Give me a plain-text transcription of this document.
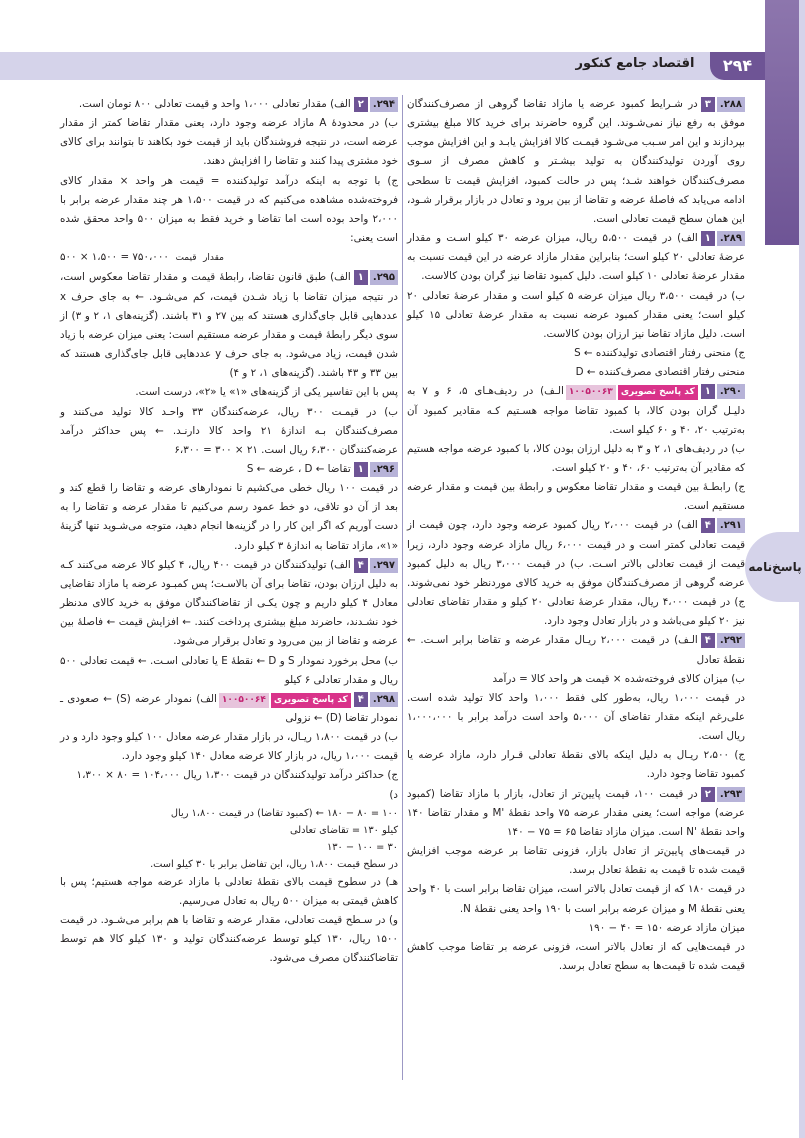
۲۹۴
اقتصاد جامع کنکور
پاسخ‌نامه

۲۸۸.۳در شـرایط کمبود عرضه یا مازاد تقاضا گروهی از مصرف‌کنندگان موفق به رفع نیاز نمی‌شـوند. این گروه حاضرند برای خرید کالا مبلغ بیشتری بپردازند و این امر سـبب می‌شـود قیمـت کالا افزایش یابـد و این افزایش موجب روی آوردن تولیدکنندگان به تولید بیشـتر و کاهش مصرف از سـوی مصرف‌کنندگان خواهند شـد؛ پس در حالت کمبود، افزایش قیمت تا سطحی ادامه می‌یابد که فاصلهٔ عرضه و تقاضا از بین برود و تعادل در بازار برقرار شـود، این همان سطح قیمت تعادلی است.

۲۸۹.۱الف) در قیمت ۵،۵۰۰ ریال، میزان عرضه ۳۰ کیلو اسـت و مقدار عرضهٔ تعادلی ۲۰ کیلو است؛ بنابراین مقدار مازاد عرضه در این قیمت نسبت به مقدار عرضهٔ تعادلی ۱۰ کیلو است. دلیل کمبود تقاضا نیز گران بودن کالاست.

ب) در قیمت ۳،۵۰۰ ریال میزان عرضه ۵ کیلو است و مقدار عرضهٔ تعادلی ۲۰ کیلو است؛ یعنی مقدار کمبود عرضه نسبت به مقدار عرضهٔ تعادلی ۱۵ کیلو است. دلیل مازاد تقاضا نیز ارزان بودن کالاست.

ج) منحنی رفتار اقتصادی تولیدکننده ← S

منحنی رفتار اقتصادی مصرف‌کننده ← D

۲۹۰.۱کد پاسخ تصویری۱۰۰۵۰۰۶۳الـف) در ردیف‌هـای ۵، ۶ و ۷ به دلیـل گران بودن کالا، با کمبود تقاضا مواجه هسـتیم کـه مقادیر کمبود آن به‌ترتیب ۲۰، ۴۰ و ۶۰ کیلو است.

ب) در ردیف‌های ۱، ۲ و ۳ به دلیل ارزان بودن کالا، با کمبود عرضه مواجه هستیم که مقادیر آن به‌ترتیب ۶۰، ۴۰ و ۲۰ کیلو است.

ج) رابطـهٔ بین قیمت و مقدار تقاضا معکوس و رابطهٔ بین قیمت و مقدار عرضه مستقیم است.

۲۹۱.۴الف) در قیمت ۲،۰۰۰ ریال کمبود عرضه وجود دارد، چون قیمت از قیمت تعادلی کمتر است و در قیمت ۶،۰۰۰ ریال مازاد عرضه وجود دارد، زیرا قیمت از قیمت تعادلی بالاتر اسـت. ب) در قیمت ۳،۰۰۰ ریال به دلیل کمبود عرضه گروهی از مصرف‌کنندگان موفق به خرید کالای موردنظر خود نمی‌شوند. ج) در قیمت ۴،۰۰۰ ریال، مقدار عرضهٔ تعادلی ۲۰ کیلو و مقدار تقاضای تعادلی نیز ۲۰ کیلو می‌باشد و در بازار تعادل وجود دارد.

۲۹۲.۴الـف) در قیمت ۲،۰۰۰ ریـال مقدار عرضه و تقاضا برابر اسـت. ← نقطهٔ تعادل

ب) میزان کالای فروخته‌شده × قیمت هر واحد کالا = درآمد

در قیمت ۱،۰۰۰ ریال، به‌طور کلی فقط ۱،۰۰۰ واحد کالا تولید شده است. علی‌رغم اینکه مقدار تقاضای آن ۵،۰۰۰ واحد است درآمد برابر با ۱،۰۰۰،۰۰۰ ریال است.

ج) ۲،۵۰۰ ریـال به دلیل اینکه بالای نقطهٔ تعادلی قـرار دارد، مازاد عرضه یا کمبود تقاضا وجود دارد.

۲۹۳.۲در قیمت ۱۰۰، قیمت پایین‌تر از تعادل، بازار با مازاد تقاضا (کمبود عرضه) مواجه است؛ یعنی مقدار عرضه ۷۵ واحد نقطهٔ 'M و مقدار تقاضا ۱۴۰ واحد نقطهٔ 'N است. میزان مازاد تقاضا ۶۵ = ۷۵ − ۱۴۰

در قیمت‌های پایین‌تر از تعادل بازار، فزونی تقاضا بر عرضه موجب افزایش قیمت شده تا قیمت به نقطهٔ تعادل برسد.

در قیمت ۱۸۰ که از قیمت تعادل بالاتر است، میزان تقاضا برابر است با ۴۰ واحد یعنی نقطهٔ M و میزان عرضه برابر است با ۱۹۰ واحد یعنی نقطهٔ N.

میزان مازاد عرضه ۱۵۰ = ۴۰ − ۱۹۰

در قیمت‌هایی که از تعادل بالاتر است، فزونی عرضه بر تقاضا موجب کاهش قیمت شده تا قیمت‌ها به سطح تعادل برسد.

۲۹۴.۲الف) مقدار تعادلی ۱،۰۰۰ واحد و قیمت تعادلی ۸۰۰ تومان است.

ب) در محدودهٔ A مازاد عرضه وجود دارد، یعنی مقدار تقاضا کمتر از مقدار عرضه است، در نتیجه فروشندگان باید از قیمت خود بکاهند تا بتوانند برای کالای خود مشتری پیدا کنند و تقاضا را افزایش دهند.

ج) با توجه به اینکه درآمد تولیدکننده = قیمت هر واحد × مقدار کالای فروخته‌شده مشاهده می‌کنیم که در قیمت ۱،۵۰۰ هر چند مقدار عرضه برابر با ۲،۰۰۰ واحد بوده است اما تقاضا و خرید فقط به میزان ۵۰۰ واحد محقق شده است یعنی:

۵۰۰ × ۱،۵۰۰ = ۷۵۰،۰۰۰	مقدار  قیمت

۲۹۵.۱الف) طبق قانون تقاضا، رابطهٔ قیمت و مقدار تقاضا معکوس است، در نتیجه میزان تقاضا با زیاد شـدن قیمت، کم می‌شـود. ← به جای حرف x عددهایی قابل جای‌گذاری هستند که بین ۲۷ و ۳۱ باشند. (گزینه‌های ۱، ۲ و ۳) از سوی دیگر رابطهٔ قیمت و مقدار عرضه مستقیم است: یعنی میزان عرضه با زیاد شدن قیمت، زیاد می‌شود. به جای حرف y عددهایی قابل جای‌گذاری هستند که بین ۳۳ و ۴۳ باشند. (گزینه‌های ۱، ۲ و ۴)

پس با این تفاسیر یکی از گزینه‌های «۱» یا «۲»، درست است.

ب) در قیمـت ۳۰۰ ریال، عرضه‌کنندگان ۳۳ واحـد کالا تولید می‌کنند و مصرف‌کنندگان بـه اندازهٔ ۲۱ واحد کالا دارنـد. ← پس حداکثر درآمد عرضه‌کنندگان ۶،۳۰۰ ریال است. ۲۱ × ۳۰۰ = ۶،۳۰۰

۲۹۶.۱تقاضا ← D ، عرضه ← S

در قیمت ۱۰۰ ریال خطی می‌کشیم تا نمودارهای عرضه و تقاضا را قطع کند و بعد از آن دو تلاقی، دو خط عمود رسم می‌کنیم تا مقدار عرضه و تقاضا را به دست آوریم که اگر این کار را در گزینه‌ها انجام دهید، متوجه می‌شـوید تنها گزینهٔ «۱»، مازاد تقاضا به اندازهٔ ۳ کیلو دارد.

۲۹۷.۴الف) تولیدکنندگان در قیمت ۴۰۰ ریال، ۴ کیلو کالا عرضه می‌کنند کـه به دلیل ارزان بودن، تقاضا برای آن بالاسـت؛ پس کمبـود عرضه یا مازاد تقاضایی معادل ۴ کیلو داریم و چون یکـی از تقاضاکنندگان موفق به خرید کالای مدنظر خود نشـدند، حاضرند مبلغ بیشتری پرداخت کنند. ← افزایش قیمت ← فاصلهٔ بین عرضه و تقاضا از بین می‌رود و تعادل برقرار می‌شود.

ب) محل برخورد نمودار S و D ← نقطهٔ E یا تعادلی اسـت. ← قیمت تعادلی ۵۰۰ ریال و مقدار تعادلی ۶ کیلو

۲۹۸.۴کد پاسخ تصویری۱۰۰۵۰۰۶۴الف) نمودار عرضه (S) ← صعودی ـ نمودار تقاضا (D) ← نزولی

ب) در قیمت ۱،۸۰۰ ریـال، در بازار مقدار عرضه معادل ۱۰۰ کیلو وجود دارد و در قیمت ۱،۰۰۰ ریال، در بازار کالا عرضه معادل ۱۴۰ کیلو وجود دارد.

ج) حداکثر درآمد تولیدکنندگان در قیمت ۱،۳۰۰ ریال ۱۰۴،۰۰۰ = ۸۰ × ۱،۳۰۰

د)

۱۰۰ = ۸۰ − ۱۸۰ ← (کمبود تقاضا) در قیمت ۱،۸۰۰ ریال
کیلو ۱۳۰ = تقاضای تعادلی
۳۰ = ۱۰۰ − ۱۳۰
در سطح قیمت ۱،۸۰۰ ریال، این تفاضل برابر با ۳۰ کیلو است.

هـ) در سطوح قیمت بالای نقطهٔ تعادلی با مازاد عرضه مواجه هستیم؛ پس با کاهش قیمتی به میزان ۵۰۰ ریال به تعادل می‌رسیم.

و) در سـطح قیمت تعادلی، مقدار عرضه و تقاضا با هم برابر می‌شـود. در قیمت ۱۵۰۰ ریال، ۱۳۰ کیلو توسط عرضه‌کنندگان تولید و ۱۳۰ کیلو کالا هم توسط تقاضاکنندگان مصرف می‌شود.
